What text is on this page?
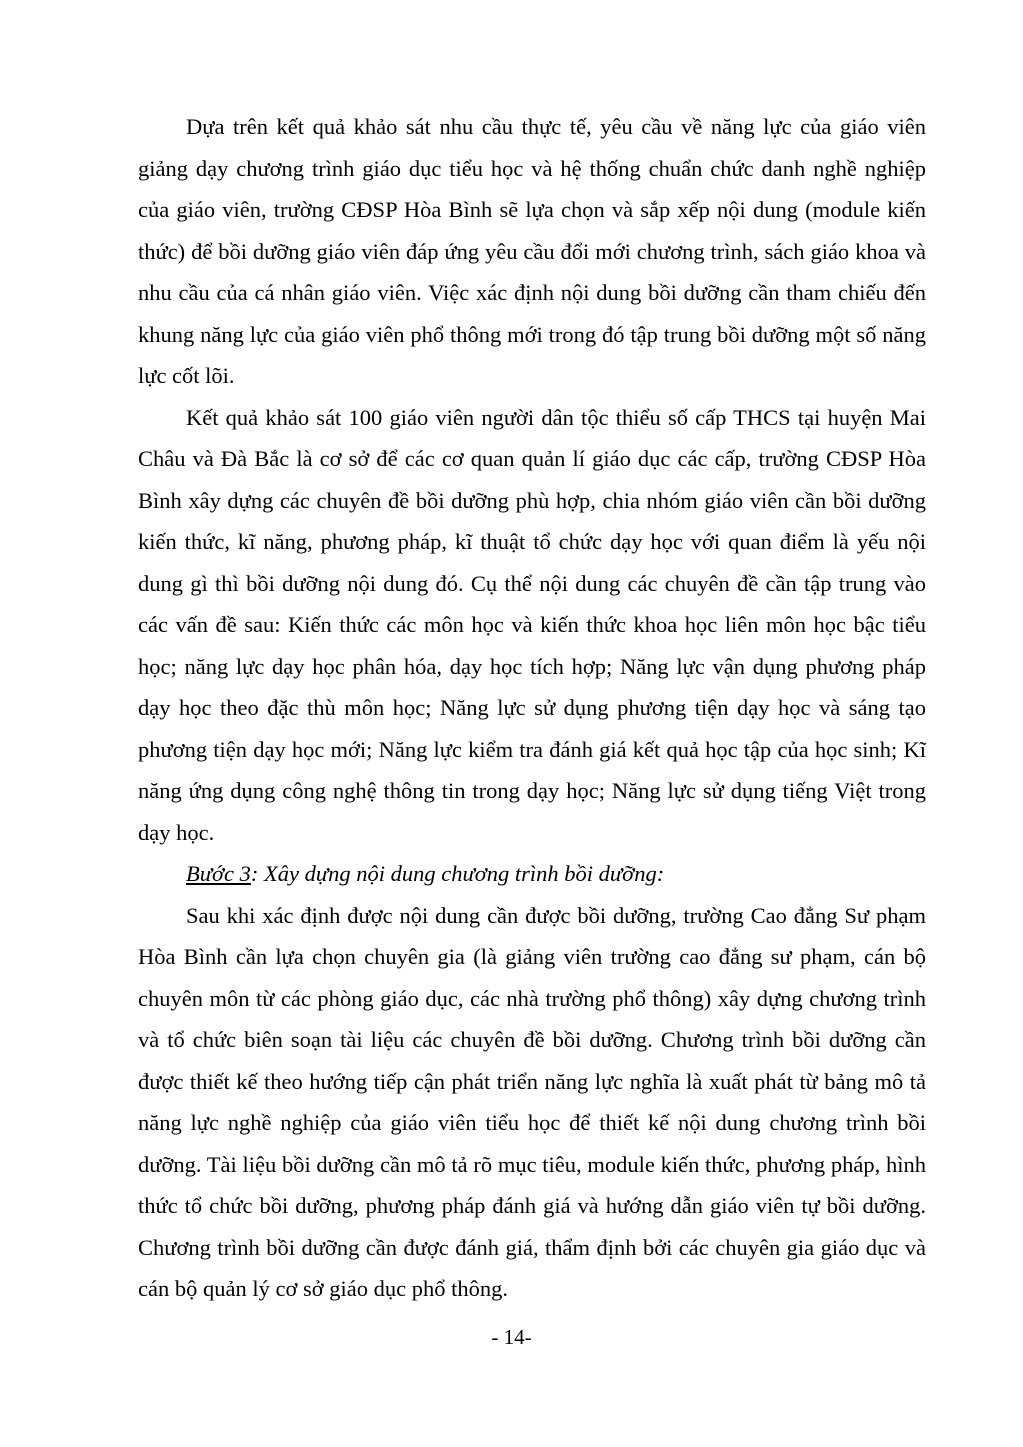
Dựa trên kết quả khảo sát nhu cầu thực tế, yêu cầu về năng lực của giáo viên giảng dạy chương trình giáo dục tiểu học và hệ thống chuẩn chức danh nghề nghiệp của giáo viên, trường CĐSP Hòa Bình sẽ lựa chọn và sắp xếp nội dung (module kiến thức) để bồi dưỡng giáo viên đáp ứng yêu cầu đổi mới chương trình, sách giáo khoa và nhu cầu của cá nhân giáo viên. Việc xác định nội dung bồi dưỡng cần tham chiếu đến khung năng lực của giáo viên phổ thông mới trong đó tập trung bồi dưỡng một số năng lực cốt lõi.

Kết quả khảo sát 100 giáo viên người dân tộc thiểu số cấp THCS tại huyện Mai Châu và Đà Bắc là cơ sở để các cơ quan quản lí giáo dục các cấp, trường CĐSP Hòa Bình xây dựng các chuyên đề bồi dưỡng phù hợp, chia nhóm giáo viên cần bồi dưỡng kiến thức, kĩ năng, phương pháp, kĩ thuật tổ chức dạy học với quan điểm là yếu nội dung gì thì bồi dưỡng nội dung đó. Cụ thể nội dung các chuyên đề cần tập trung vào các vấn đề sau: Kiến thức các môn học và kiến thức khoa học liên môn học bậc tiểu học; năng lực dạy học phân hóa, dạy học tích hợp; Năng lực vận dụng phương pháp dạy học theo đặc thù môn học; Năng lực sử dụng phương tiện dạy học và sáng tạo phương tiện dạy học mới; Năng lực kiểm tra đánh giá kết quả học tập của học sinh; Kĩ năng ứng dụng công nghệ thông tin trong dạy học; Năng lực sử dụng tiếng Việt trong dạy học.

Bước 3: Xây dựng nội dung chương trình bồi dưỡng:

Sau khi xác định được nội dung cần được bồi dưỡng, trường Cao đẳng Sư phạm Hòa Bình cần lựa chọn chuyên gia (là giảng viên trường cao đẳng sư phạm, cán bộ chuyên môn từ các phòng giáo dục, các nhà trường phổ thông) xây dựng chương trình và tổ chức biên soạn tài liệu các chuyên đề bồi dưỡng. Chương trình bồi dưỡng cần được thiết kế theo hướng tiếp cận phát triển năng lực nghĩa là xuất phát từ bảng mô tả năng lực nghề nghiệp của giáo viên tiểu học để thiết kế nội dung chương trình bồi dưỡng. Tài liệu bồi dưỡng cần mô tả rõ mục tiêu, module kiến thức, phương pháp, hình thức tổ chức bồi dưỡng, phương pháp đánh giá và hướng dẫn giáo viên tự bồi dưỡng. Chương trình bồi dưỡng cần được đánh giá, thẩm định bởi các chuyên gia giáo dục và cán bộ quản lý cơ sở giáo dục phổ thông.

- 14-
